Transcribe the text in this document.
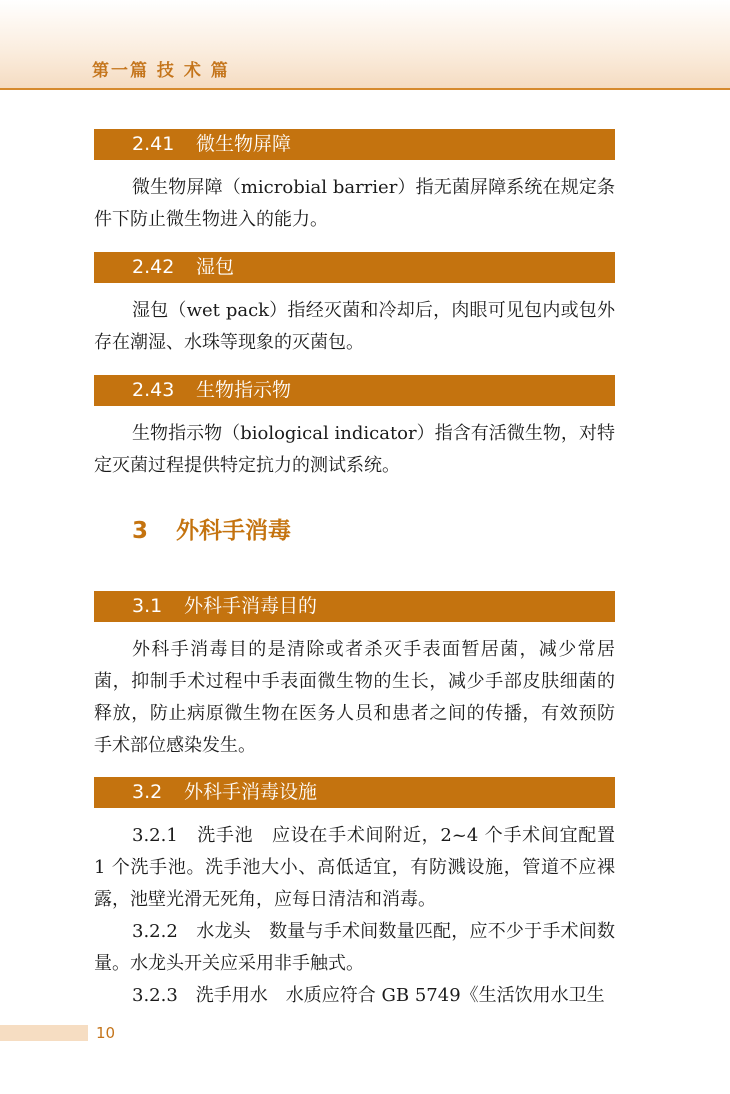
第一篇 技 术 篇
2.41 微生物屏障

微生物屏障（microbial barrier）指无菌屏障系统在规定条件下防止微生物进入的能力。

2.42 湿包

湿包（wet pack）指经灭菌和冷却后，肉眼可见包内或包外存在潮湿、水珠等现象的灭菌包。

2.43 生物指示物

生物指示物（biological indicator）指含有活微生物，对特定灭菌过程提供特定抗力的测试系统。

3 外科手消毒
3.1 外科手消毒目的

外科手消毒目的是清除或者杀灭手表面暂居菌，减少常居菌，抑制手术过程中手表面微生物的生长，减少手部皮肤细菌的释放，防止病原微生物在医务人员和患者之间的传播，有效预防手术部位感染发生。

3.2 外科手消毒设施

3.2.1　洗手池　应设在手术间附近，2~4 个手术间宜配置 1 个洗手池。洗手池大小、高低适宜，有防溅设施，管道不应裸露，池壁光滑无死角，应每日清洁和消毒。

3.2.2　水龙头　数量与手术间数量匹配，应不少于手术间数量。水龙头开关应采用非手触式。

3.2.3　洗手用水　水质应符合 GB 5749《生活饮用水卫生

10
